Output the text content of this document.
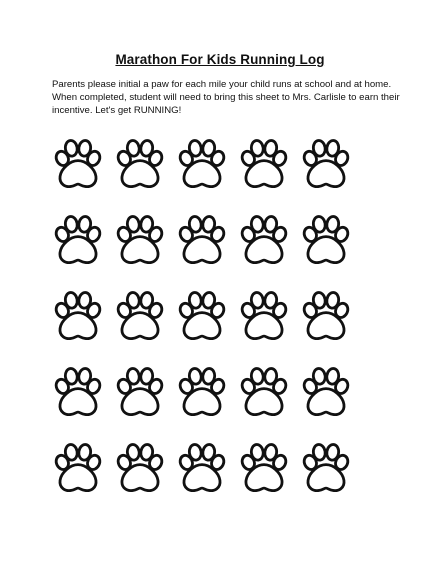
Marathon For Kids Running Log

Parents please initial a paw for each mile your child runs at school and at home. When completed, student will need to bring this sheet to Mrs. Carlisle to earn their incentive. Let's get RUNNING!
